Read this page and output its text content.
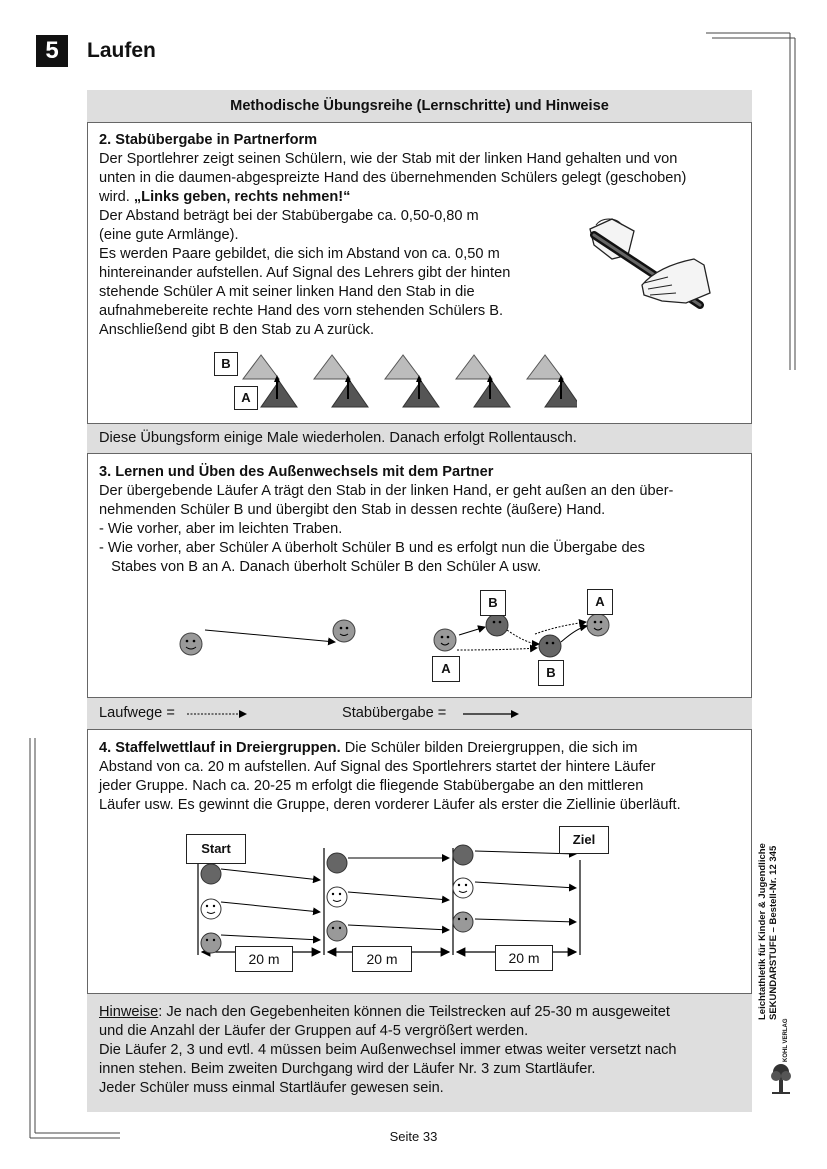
5	Laufen
Methodische Übungsreihe (Lernschritte) und Hinweise
2. Stabübergabe in Partnerform
Der Sportlehrer zeigt seinen Schülern, wie der Stab mit der linken Hand gehalten und von
unten in die daumen-abgespreizte Hand des übernehmenden Schülers gelegt (geschoben)
wird. „Links geben, rechts nehmen!“
Der Abstand beträgt bei der Stabübergabe ca. 0,50-0,80 m
(eine gute Armlänge).
Es werden Paare gebildet, die sich im Abstand von ca. 0,50 m
hintereinander aufstellen. Auf Signal des Lehrers gibt der hinten
stehende Schüler A mit seiner linken Hand den Stab in die
aufnahmebereite rechte Hand des vorn stehenden Schülers B.
Anschließend gibt B den Stab zu A zurück.
B
A
Diese Übungsform einige Male wiederholen. Danach erfolgt Rollentausch.
3. Lernen und Üben des Außenwechsels mit dem Partner
Der übergebende Läufer A trägt den Stab in der linken Hand, er geht außen an den über-
nehmenden Schüler B und übergibt den Stab in dessen rechte (äußere) Hand.
- Wie vorher, aber im leichten Traben.
- Wie vorher, aber Schüler A überholt Schüler B und es erfolgt nun die Übergabe des
Stabes von B an A. Danach überholt Schüler B den Schüler A usw.
B	A
A	B
Laufwege =	Stabübergabe =
4. Staffelwettlauf in Dreiergruppen. Die Schüler bilden Dreiergruppen, die sich im
Abstand von ca. 20 m aufstellen. Auf Signal des Sportlehrers startet der hintere Läufer
jeder Gruppe. Nach ca. 20-25 m erfolgt die fliegende Stabübergabe an den mittleren
Läufer usw. Es gewinnt die Gruppe, deren vorderer Läufer als erster die Ziellinie überläuft.
Start
Ziel
20 m	20 m	20 m
Hinweise: Je nach den Gegebenheiten können die Teilstrecken auf 25-30 m ausgeweitet
und die Anzahl der Läufer der Gruppen auf 4-5 vergrößert werden.
Die Läufer 2, 3 und evtl. 4 müssen beim Außenwechsel immer etwas weiter versetzt nach
innen stehen. Beim zweiten Durchgang wird der Läufer Nr. 3 zum Startläufer.
Jeder Schüler muss einmal Startläufer gewesen sein.
Leichtathletik für Kinder & Jugendliche SEKUNDARSTUFE – Bestell-Nr. 12 345
KOHL VERLAG
Seite 33
